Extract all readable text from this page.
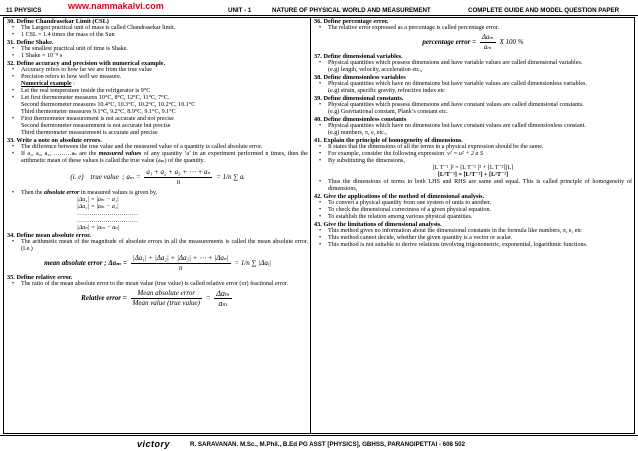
11 PHYSICS	UNIT - 1	NATURE OF PHYSICAL WORLD AND MEASUREMENT	COMPLETE GUIDE AND MODEL QUESTION PAPER
www.nammakalvi.com
30. Define Chandrasekar Limit (CSL)
• The Largest practical unit of mass is called Chandrasekar limit.
• 1 CSL = 1.4 times the mass of the Sun
31. Define Shake.
• The smallest practical unit of time is Shake.
• 1 Shake = 10⁻⁸ s
32. Define accuracy and precision with numerical example.
• Accuracy refers to how far we are from the true value
• Precision refers to how well we measure.
Numerical example :
• Let the real temperature inside the refrigerator is 9°C
• Let first thermometer measures 10°C, 8°C, 12°C, 11°C, 7°C.
Second thermometer measures 10.4°C, 10.3°C, 10.2°C, 10.2°C, 10.1°C
Third thermometer measures 9.1°C, 9.2°C, 8.9°C, 9.1°C, 9.1°C
• First thermometer measurement is not accurate and not precise
Second thermometer measurement is not accurate but precise
Third thermometer measurement is accurate and precise
33. Write a note on absolute errors.
• The difference between the true value and the measured value of a quantity is called absolute error.
• If a₁, a₂, a₃, ………aₙ are the measured values of any quantity ‘a’ in an experiment performed n times, then the arithmetic mean of these values is called the true value (aₘ) of the quantity.
(i. e) true value ; $a_m = \frac{\text{a₁ + a₂ + a₃ + ⋯ + aₙ}}{n} = 1/n$ ∑ aᵢ
• Then the absolute error in measured values is given by,
|Δa₁| = |aₘ − a₁|
|Δa₂| = |aₘ − a₂|
…………………………
…………………………
|Δaₙ| = |aₘ − aₙ|
34. Define mean absolute error.
• The arithmetic mean of the magnitude of absolute errors in all the measurements is called the mean absolute error. (I.e.)
mean absolute error ; Δaₘ =
|Δa₁| + |Δa₂| + |Δa₃| + ⋯ + |Δaₙ|
n
= 1/n ∑ |Δaᵢ|
35. Define relative error.
• The ratio of the mean absolute error to the mean value (true value) is called relative error (or) fractional error.
Relative error =
Mean absolute error
Mean value (true value)
=
Δaₘ
aₘ
36. Define percentage error.
• The relative error expressed as a percentage is called percentage error.
percentage error =
Δaₘ
aₘ
X 100 %
37. Define dimensional variables.
• Physical quantities which possess dimensions and have variable values are called dimensional variables.
(e.g) length, velocity, acceleration etc.,
38. Define dimensionless variables
• Physical quantities which have no dimensions but have variable values are called dimensionless variables.
(e.g) strain, specific gravity, refractive index etc
39. Define dimensional constants.
• Physical quantities which possess dimensions and have constant values are called dimensional constants.
(e.g) Gravitational constant, Plank’s constant etc.
40. Define dimensionless constants
• Physical quantities which have no dimensions but have constant values are called dimensionless constant.
(e.g) numbers, π, e, etc.,
41. Explain the principle of homogeneity of dimensions.
• It states that the dimensions of all the terms in a physical expression should be the same.
• For example, consider the following expression v² = u² + 2 a S
• By substituting the dimensions,
[L T⁻¹ ]² = [L T⁻¹ ]² + [L T⁻²][L]
[L²T⁻²] = [L²T⁻²] + [L²T⁻²]
• Thus the dimensions of terms in both LHS and RHS are same and equal. This is called principle of homogeneity of dimensions,
42. Give the applications of the method of dimensional analysis.
• To convert a physical quantity from one system of units to another.
• To check the dimensional correctness of a given physical equation.
• To establish the relation among various physical quantities.
43. Give the limitations of dimensional analysis.
• This method gives no information about the dimensional constants in the formula like numbers, π, e, etc
• This method cannot decide, whether the given quantity is a vector or scalar.
• This method is not suitable to derive relations involving trigonometric, exponential, logarithmic functions.
victory	R. SARAVANAN. M.Sc., M.Phil., B.Ed PG ASST [PHYSICS], GBHSS, PARANGIPETTAI - 608 502
